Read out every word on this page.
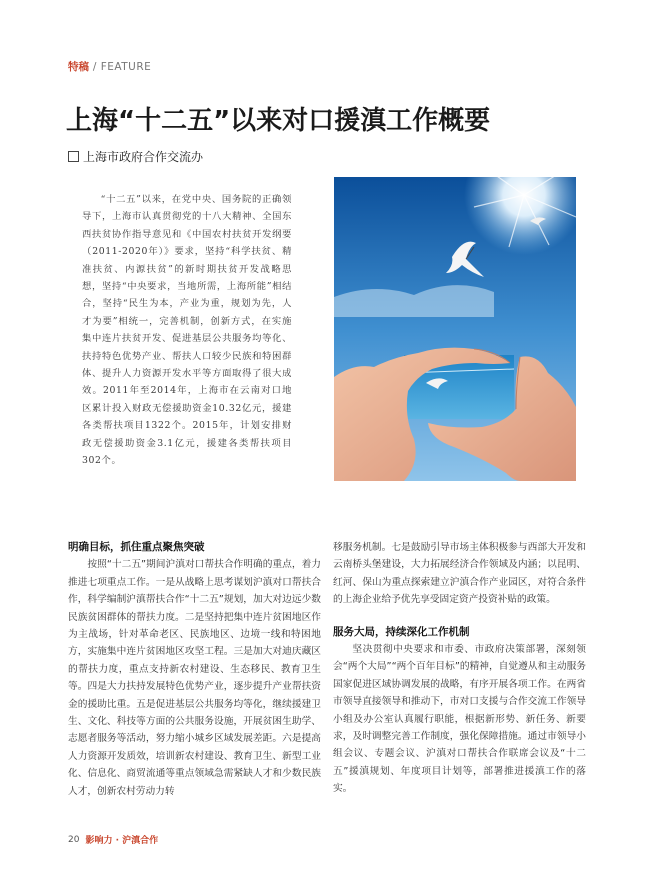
特稿 / FEATURE
上海“十二五”以来对口援滇工作概要
上海市政府合作交流办

“十二五”以来，在党中央、国务院的正确领导下，上海市认真贯彻党的十八大精神、全国东西扶贫协作指导意见和《中国农村扶贫开发纲要（2011-2020年）》要求，坚持“科学扶贫、精准扶贫、内源扶贫”的新时期扶贫开发战略思想，坚持“中央要求，当地所需，上海所能”相结合，坚持“民生为本，产业为重，规划为先，人才为要”相统一，完善机制，创新方式，在实施集中连片扶贫开发、促进基层公共服务均等化、扶持特色优势产业、帮扶人口较少民族和特困群体、提升人力资源开发水平等方面取得了很大成效。2011年至2014年，上海市在云南对口地区累计投入财政无偿援助资金10.32亿元，援建各类帮扶项目1322个。2015年，计划安排财政无偿援助资金3.1亿元，援建各类帮扶项目302个。

明确目标，抓住重点聚焦突破

按照“十二五”期间沪滇对口帮扶合作明确的重点，着力推进七项重点工作。一是从战略上思考谋划沪滇对口帮扶合作，科学编制沪滇帮扶合作“十二五”规划，加大对边远少数民族贫困群体的帮扶力度。二是坚持把集中连片贫困地区作为主战场，针对革命老区、民族地区、边境一线和特困地方，实施集中连片贫困地区攻坚工程。三是加大对迪庆藏区的帮扶力度，重点支持新农村建设、生态移民、教育卫生等。四是大力扶持发展特色优势产业，逐步提升产业帮扶资金的援助比重。五是促进基层公共服务均等化，继续援建卫生、文化、科技等方面的公共服务设施，开展贫困生助学、志愿者服务等活动，努力缩小城乡区域发展差距。六是提高人力资源开发质效，培训新农村建设、教育卫生、新型工业化、信息化、商贸流通等重点领域急需紧缺人才和少数民族人才，创新农村劳动力转

移服务机制。七是鼓励引导市场主体积极参与西部大开发和云南桥头堡建设，大力拓展经济合作领域及内涵；以昆明、红河、保山为重点探索建立沪滇合作产业园区，对符合条件的上海企业给予优先享受固定资产投资补贴的政策。

服务大局，持续深化工作机制

坚决贯彻中央要求和市委、市政府决策部署，深刻领会“两个大局”“两个百年目标”的精神，自觉遵从和主动服务国家促进区域协调发展的战略，有序开展各项工作。在两省市领导直接领导和推动下，市对口支援与合作交流工作领导小组及办公室认真履行职能，根据新形势、新任务、新要求，及时调整完善工作制度，强化保障措施。通过市领导小组会议、专题会议、沪滇对口帮扶合作联席会议及“十二五”援滇规划、年度项目计划等，部署推进援滇工作的落实。

20 影响力 · 沪滇合作
